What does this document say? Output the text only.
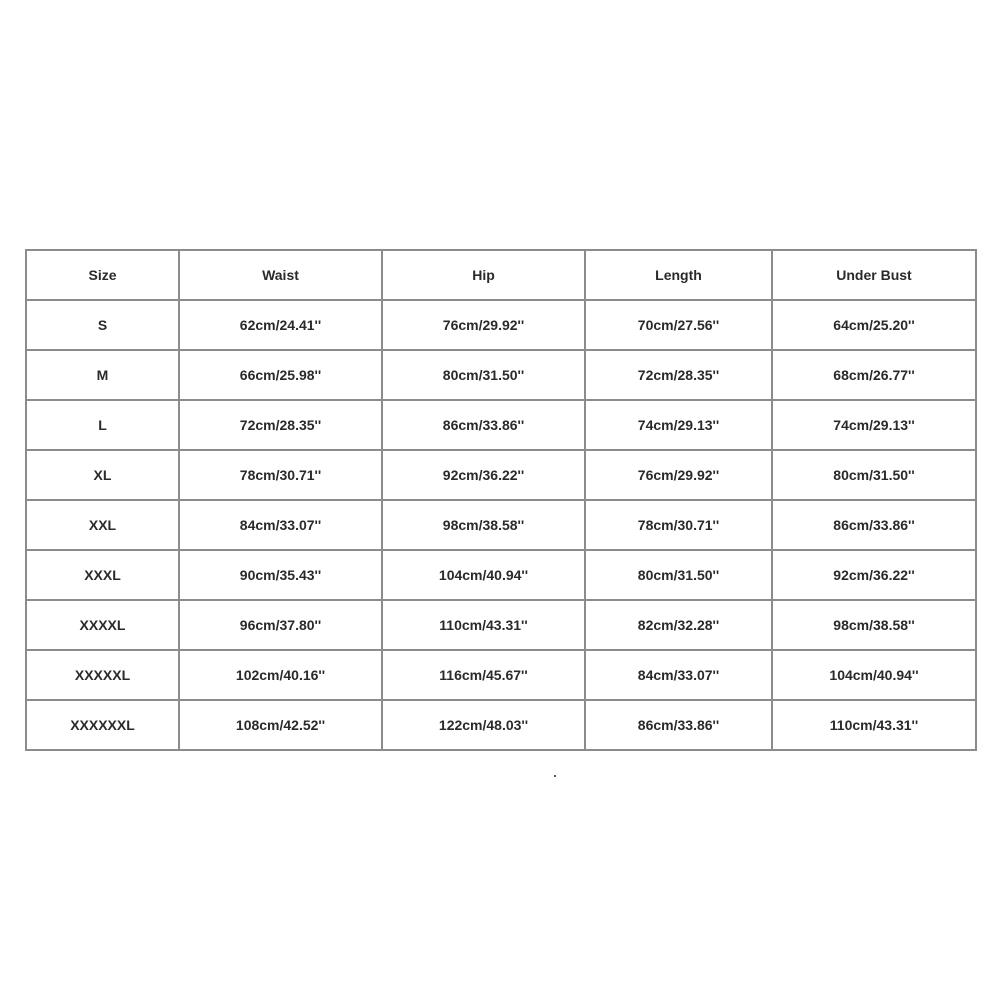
Size	Waist	Hip	Length	Under Bust
S	62cm/24.41''	76cm/29.92''	70cm/27.56''	64cm/25.20''
M	66cm/25.98''	80cm/31.50''	72cm/28.35''	68cm/26.77''
L	72cm/28.35''	86cm/33.86''	74cm/29.13''	74cm/29.13''
XL	78cm/30.71''	92cm/36.22''	76cm/29.92''	80cm/31.50''
XXL	84cm/33.07''	98cm/38.58''	78cm/30.71''	86cm/33.86''
XXXL	90cm/35.43''	104cm/40.94''	80cm/31.50''	92cm/36.22''
XXXXL	96cm/37.80''	110cm/43.31''	82cm/32.28''	98cm/38.58''
XXXXXL	102cm/40.16''	116cm/45.67''	84cm/33.07''	104cm/40.94''
XXXXXXL	108cm/42.52''	122cm/48.03''	86cm/33.86''	110cm/43.31''
